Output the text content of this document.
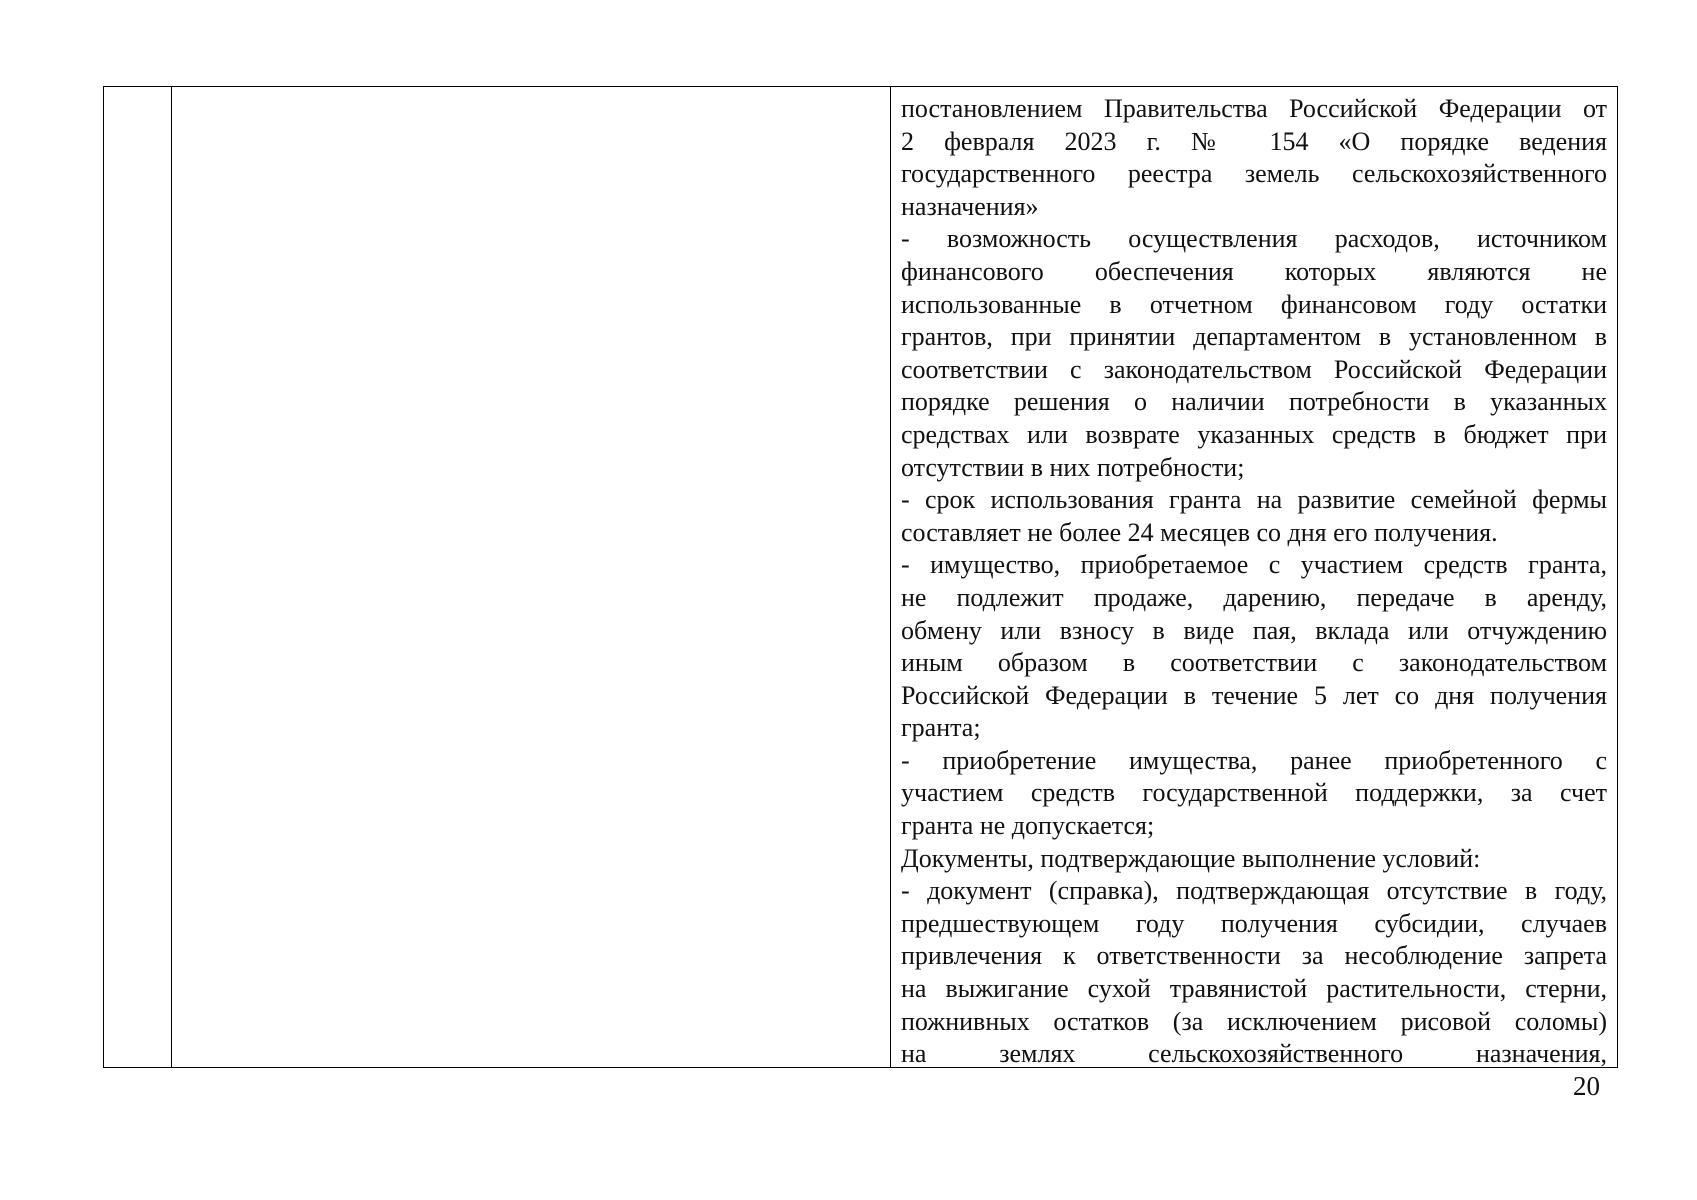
постановлением Правительства Российской Федерации от
2 февраля 2023 г. № 154 «О порядке ведения
государственного реестра земель сельскохозяйственного
назначения»
- возможность осуществления расходов, источником
финансового обеспечения которых являются не
использованные в отчетном финансовом году остатки
грантов, при принятии департаментом в установленном в
соответствии с законодательством Российской Федерации
порядке решения о наличии потребности в указанных
средствах или возврате указанных средств в бюджет при
отсутствии в них потребности;
- срок использования гранта на развитие семейной фермы
составляет не более 24 месяцев со дня его получения.
- имущество, приобретаемое с участием средств гранта,
не подлежит продаже, дарению, передаче в аренду,
обмену или взносу в виде пая, вклада или отчуждению
иным образом в соответствии с законодательством
Российской Федерации в течение 5 лет со дня получения
гранта;
- приобретение имущества, ранее приобретенного с
участием средств государственной поддержки, за счет
гранта не допускается;
Документы, подтверждающие выполнение условий:
- документ (справка), подтверждающая отсутствие в году,
предшествующем году получения субсидии, случаев
привлечения к ответственности за несоблюдение запрета
на выжигание сухой травянистой растительности, стерни,
пожнивных остатков (за исключением рисовой соломы)
на землях сельскохозяйственного назначения,
20
